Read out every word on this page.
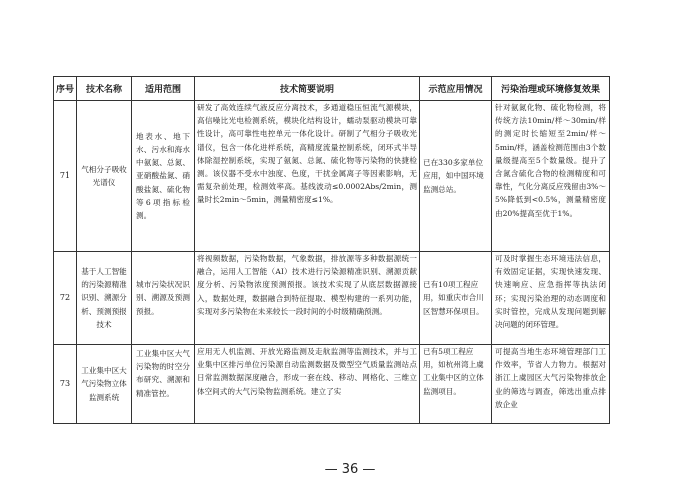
序号	技术名称	适用范围	技术简要说明	示范应用情况	污染治理或环境修复效果
71	气相分子吸收光谱仪	地表水、地下水、污水和海水中氨氮、总氮、亚硝酸盐氮、硝酸盐氮、硫化物等6项指标检测。	研发了高效连续气液反应分离技术，多通道稳压恒流气源模块，高信噪比光电检测系统，模块化结构设计，蠕动泵驱动模块可靠性设计，高可靠性电控单元一体化设计。研制了气相分子吸收光谱仪，包含一体化进样系统，高精度流量控制系统，闭环式半导体除湿控制系统，实现了氨氮、总氮、硫化物等污染物的快捷检测。该仪器不受水中浊度、色度，干扰金属离子等因素影响，无需复杂前处理，检测效率高。基线波动≤0.0002Abs/2min，测量时长2min～5min，测量精密度≤1%。	已在330多家单位应用，如中国环境监测总站。	针对氨氮化物、硫化物检测，将传统方法10min/样～30min/样的测定时长缩短至2min/样～5min/样，涵盖检测范围由3个数量级提高至5个数量级。提升了含氮含硫化合物的检测精度和可靠性，气化分离反应残留由3%～5%降低到<0.5%，测量精密度由20%提高至优于1%。
72	基于人工智能的污染源精准识别、溯源分析、预测预报技术	城市污染状况识别、溯源及预测预报。	将视频数据，污染物数据，气象数据，排放源等多种数据源统一融合，运用人工智能（AI）技术进行污染源精准识别、溯源贡献度分析、污染物浓度预测预报。该技术实现了从底层数据源接入，数据处理，数据融合到特征提取、模型构建的一系列功能，实现对多污染物在未来较长一段时间的小时级精确预测。	已有10项工程应用，如重庆市合川区智慧环保项目。	可及时掌握生态环境违法信息，有效固定证据，实现快速发现、快速响应、应急指挥等执法闭环；实现污染治理的动态调度和实时管控，完成从发现问题到解决问题的闭环管理。
73	工业集中区大气污染物立体监测系统	工业集中区大气污染物的时空分布研究、溯源和精准管控。	应用无人机监测、开放光路监测及走航监测等监测技术，并与工业集中区排污单位污染源自动监测数据及微型空气质量监测站点日常监测数据深度融合，形成一套在线、移动、网格化、三维立体空间式的大气污染物监测系统。建立了实	已有5项工程应用，如杭州湾上虞工业集中区的立体监测项目。	可提高当地生态环境管理部门工作效率，节省人力物力。根据对浙江上虞园区大气污染物排放企业的筛选与调查，筛选出重点排放企业
— 36 —
